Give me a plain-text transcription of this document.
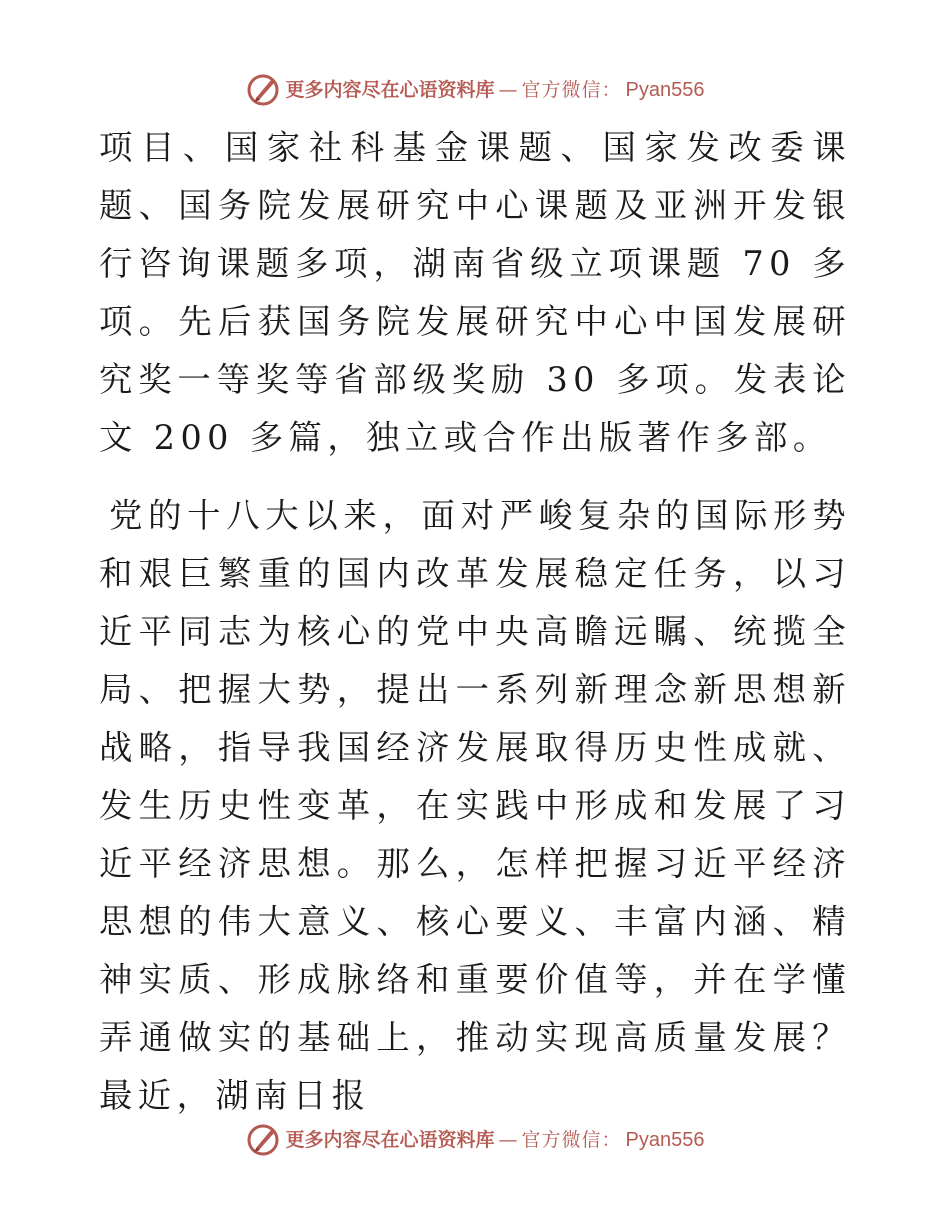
更多内容尽在心语资料库 — 官方微信： Pyan556

项目、国家社科基金课题、国家发改委课题、国务院发展研究中心课题及亚洲开发银行咨询课题多项，湖南省级立项课题 70 多项。先后获国务院发展研究中心中国发展研究奖一等奖等省部级奖励 30 多项。发表论文 200 多篇，独立或合作出版著作多部。

党的十八大以来，面对严峻复杂的国际形势和艰巨繁重的国内改革发展稳定任务，以习近平同志为核心的党中央高瞻远瞩、统揽全局、把握大势，提出一系列新理念新思想新战略，指导我国经济发展取得历史性成就、发生历史性变革，在实践中形成和发展了习近平经济思想。那么，怎样把握习近平经济思想的伟大意义、核心要义、丰富内涵、精神实质、形成脉络和重要价值等，并在学懂弄通做实的基础上，推动实现高质量发展？最近，湖南日报

更多内容尽在心语资料库 — 官方微信： Pyan556
